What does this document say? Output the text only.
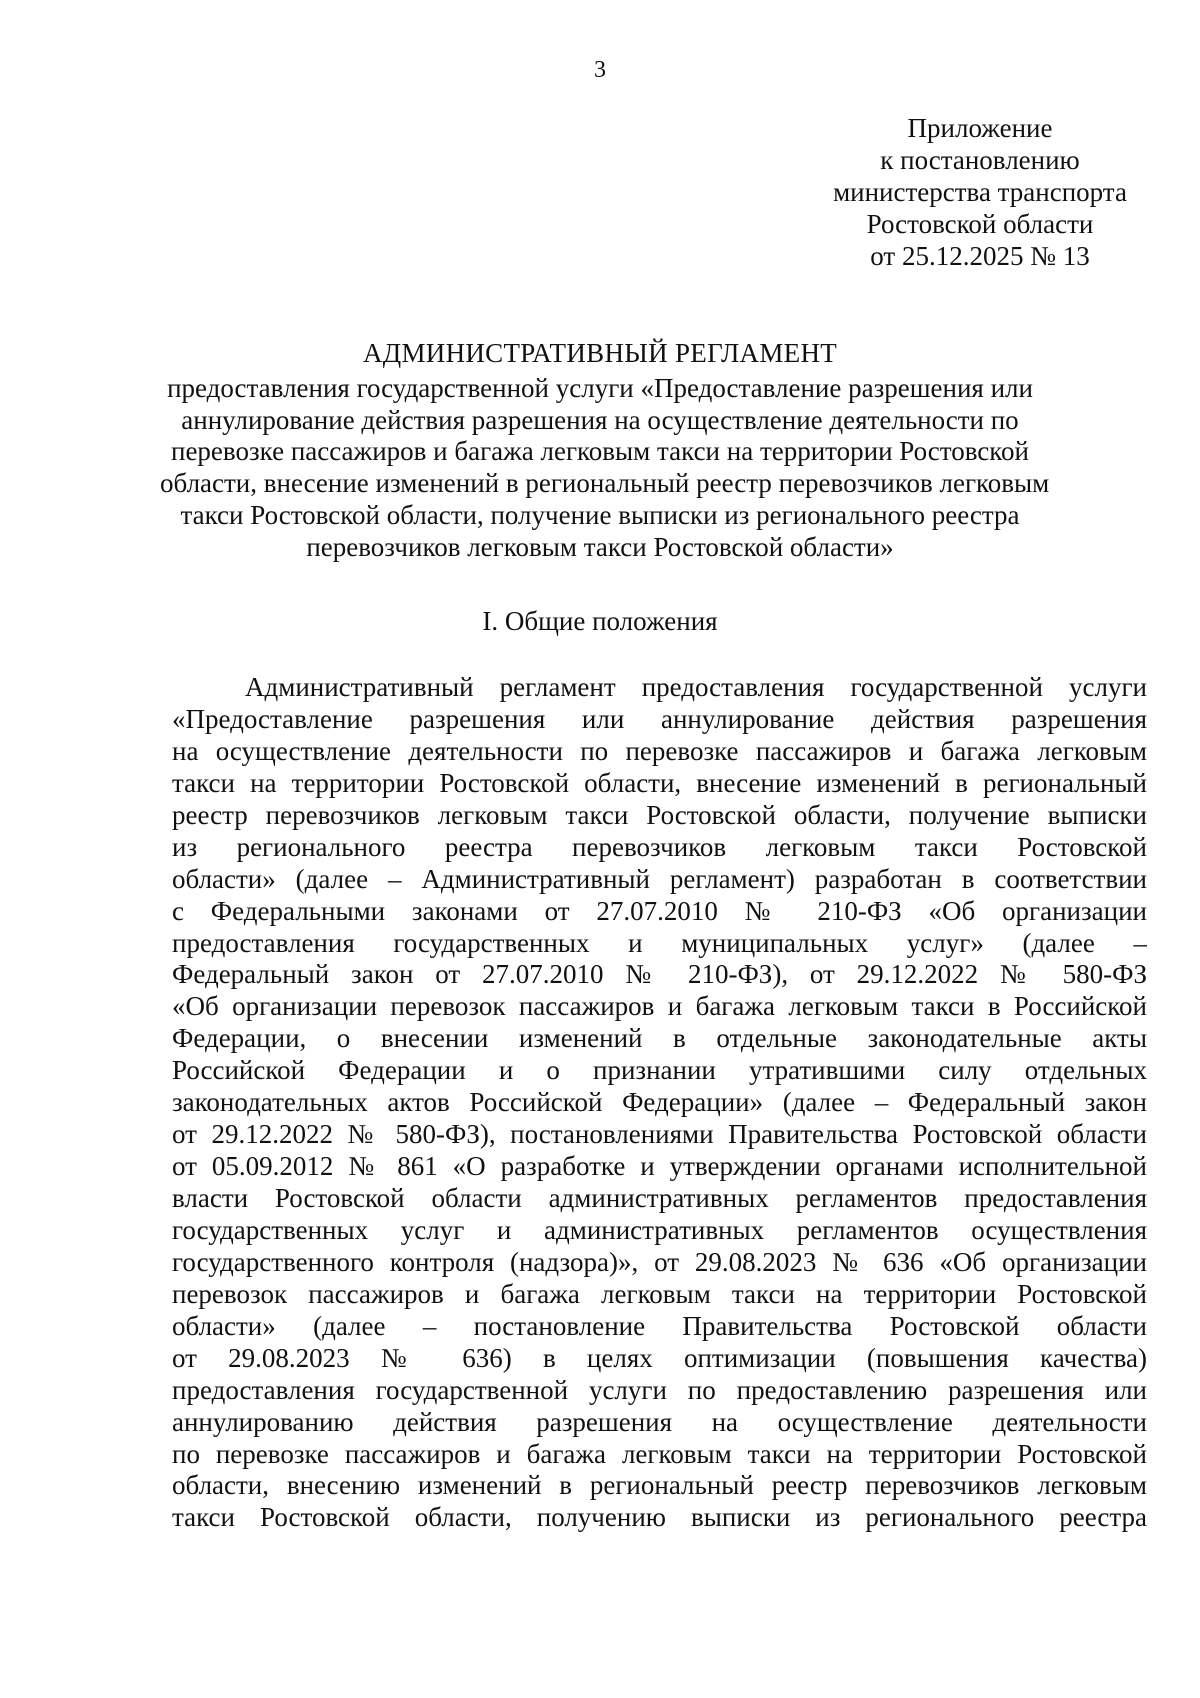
3
Приложение
к постановлению
министерства транспорта
Ростовской области
от 25.12.2025 № 13
АДМИНИСТРАТИВНЫЙ РЕГЛАМЕНТ
предоставления государственной услуги «Предоставление разрешения или
аннулирование действия разрешения на осуществление деятельности по
перевозке пассажиров и багажа легковым такси на территории Ростовской
области, внесение изменений в региональный реестр перевозчиков легковым
такси Ростовской области, получение выписки из регионального реестра
перевозчиков легковым такси Ростовской области»
I. Общие положения
Административный регламент предоставления государственной услуги
«Предоставление разрешения или аннулирование действия разрешения
на осуществление деятельности по перевозке пассажиров и багажа легковым
такси на территории Ростовской области, внесение изменений в региональный
реестр перевозчиков легковым такси Ростовской области, получение выписки
из регионального реестра перевозчиков легковым такси Ростовской
области» (далее – Административный регламент) разработан в соответствии
с Федеральными законами от 27.07.2010 № 210-ФЗ «Об организации
предоставления государственных и муниципальных услуг» (далее –
Федеральный закон от 27.07.2010 № 210-ФЗ), от 29.12.2022 № 580-ФЗ
«Об организации перевозок пассажиров и багажа легковым такси в Российской
Федерации, о внесении изменений в отдельные законодательные акты
Российской Федерации и о признании утратившими силу отдельных
законодательных актов Российской Федерации» (далее – Федеральный закон
от 29.12.2022 № 580-ФЗ), постановлениями Правительства Ростовской области
от 05.09.2012 № 861 «О разработке и утверждении органами исполнительной
власти Ростовской области административных регламентов предоставления
государственных услуг и административных регламентов осуществления
государственного контроля (надзора)», от 29.08.2023 № 636 «Об организации
перевозок пассажиров и багажа легковым такси на территории Ростовской
области» (далее – постановление Правительства Ростовской области
от 29.08.2023 № 636) в целях оптимизации (повышения качества)
предоставления государственной услуги по предоставлению разрешения или
аннулированию действия разрешения на осуществление деятельности
по перевозке пассажиров и багажа легковым такси на территории Ростовской
области, внесению изменений в региональный реестр перевозчиков легковым
такси Ростовской области, получению выписки из регионального реестра
